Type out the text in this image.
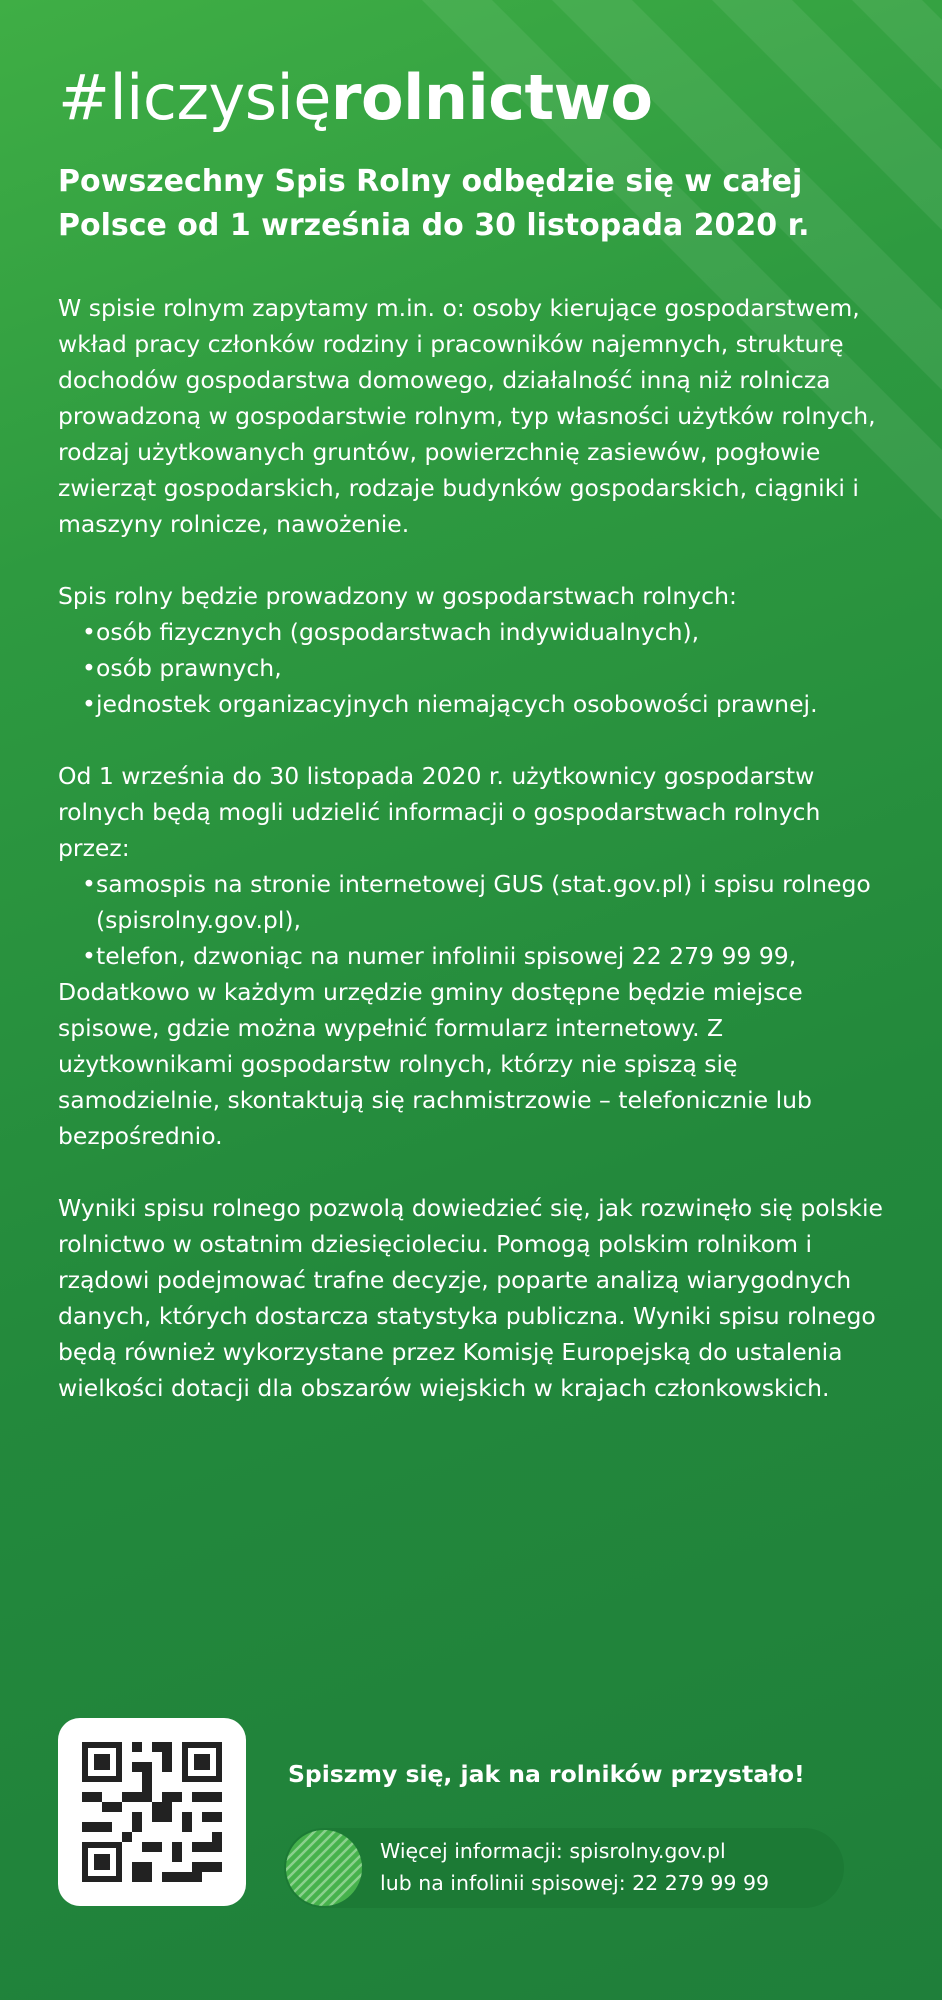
#liczysięrolnictwo
Powszechny Spis Rolny odbędzie się w całej Polsce od 1 września do 30 listopada 2020 r.

W spisie rolnym zapytamy m.in. o: osoby kierujące gospodarstwem, wkład pracy członków rodziny i pracowników najemnych, strukturę dochodów gospodarstwa domowego, działalność inną niż rolnicza prowadzoną w gospodarstwie rolnym, typ własności użytków rolnych, rodzaj użytkowanych gruntów, powierzchnię zasiewów, pogłowie zwierząt gospodarskich, rodzaje budynków gospodarskich, ciągniki i maszyny rolnicze, nawożenie.

Spis rolny będzie prowadzony w gospodarstwach rolnych:

• osób fizycznych (gospodarstwach indywidualnych),
• osób prawnych,
• jednostek organizacyjnych niemających osobowości prawnej.

Od 1 września do 30 listopada 2020 r. użytkownicy gospodarstw rolnych będą mogli udzielić informacji o gospodarstwach rolnych przez:

• samospis na stronie internetowej GUS (stat.gov.pl) i spisu rolnego (spisrolny.gov.pl),
• telefon, dzwoniąc na numer infolinii spisowej 22 279 99 99,

Dodatkowo w każdym urzędzie gminy dostępne będzie miejsce spisowe, gdzie można wypełnić formularz internetowy. Z użytkownikami gospodarstw rolnych, którzy nie spiszą się samodzielnie, skontaktują się rachmistrzowie – telefonicznie lub bezpośrednio.

Wyniki spisu rolnego pozwolą dowiedzieć się, jak rozwinęło się polskie rolnictwo w ostatnim dziesięcioleciu. Pomogą polskim rolnikom i rządowi podejmować trafne decyzje, poparte analizą wiarygodnych danych, których dostarcza statystyka publiczna. Wyniki spisu rolnego będą również wykorzystane przez Komisję Europejską do ustalenia wielkości dotacji dla obszarów wiejskich w krajach członkowskich.

Spiszmy się, jak na rolników przystało!
Więcej informacji: spisrolny.gov.pl
lub na infolinii spisowej: 22 279 99 99
